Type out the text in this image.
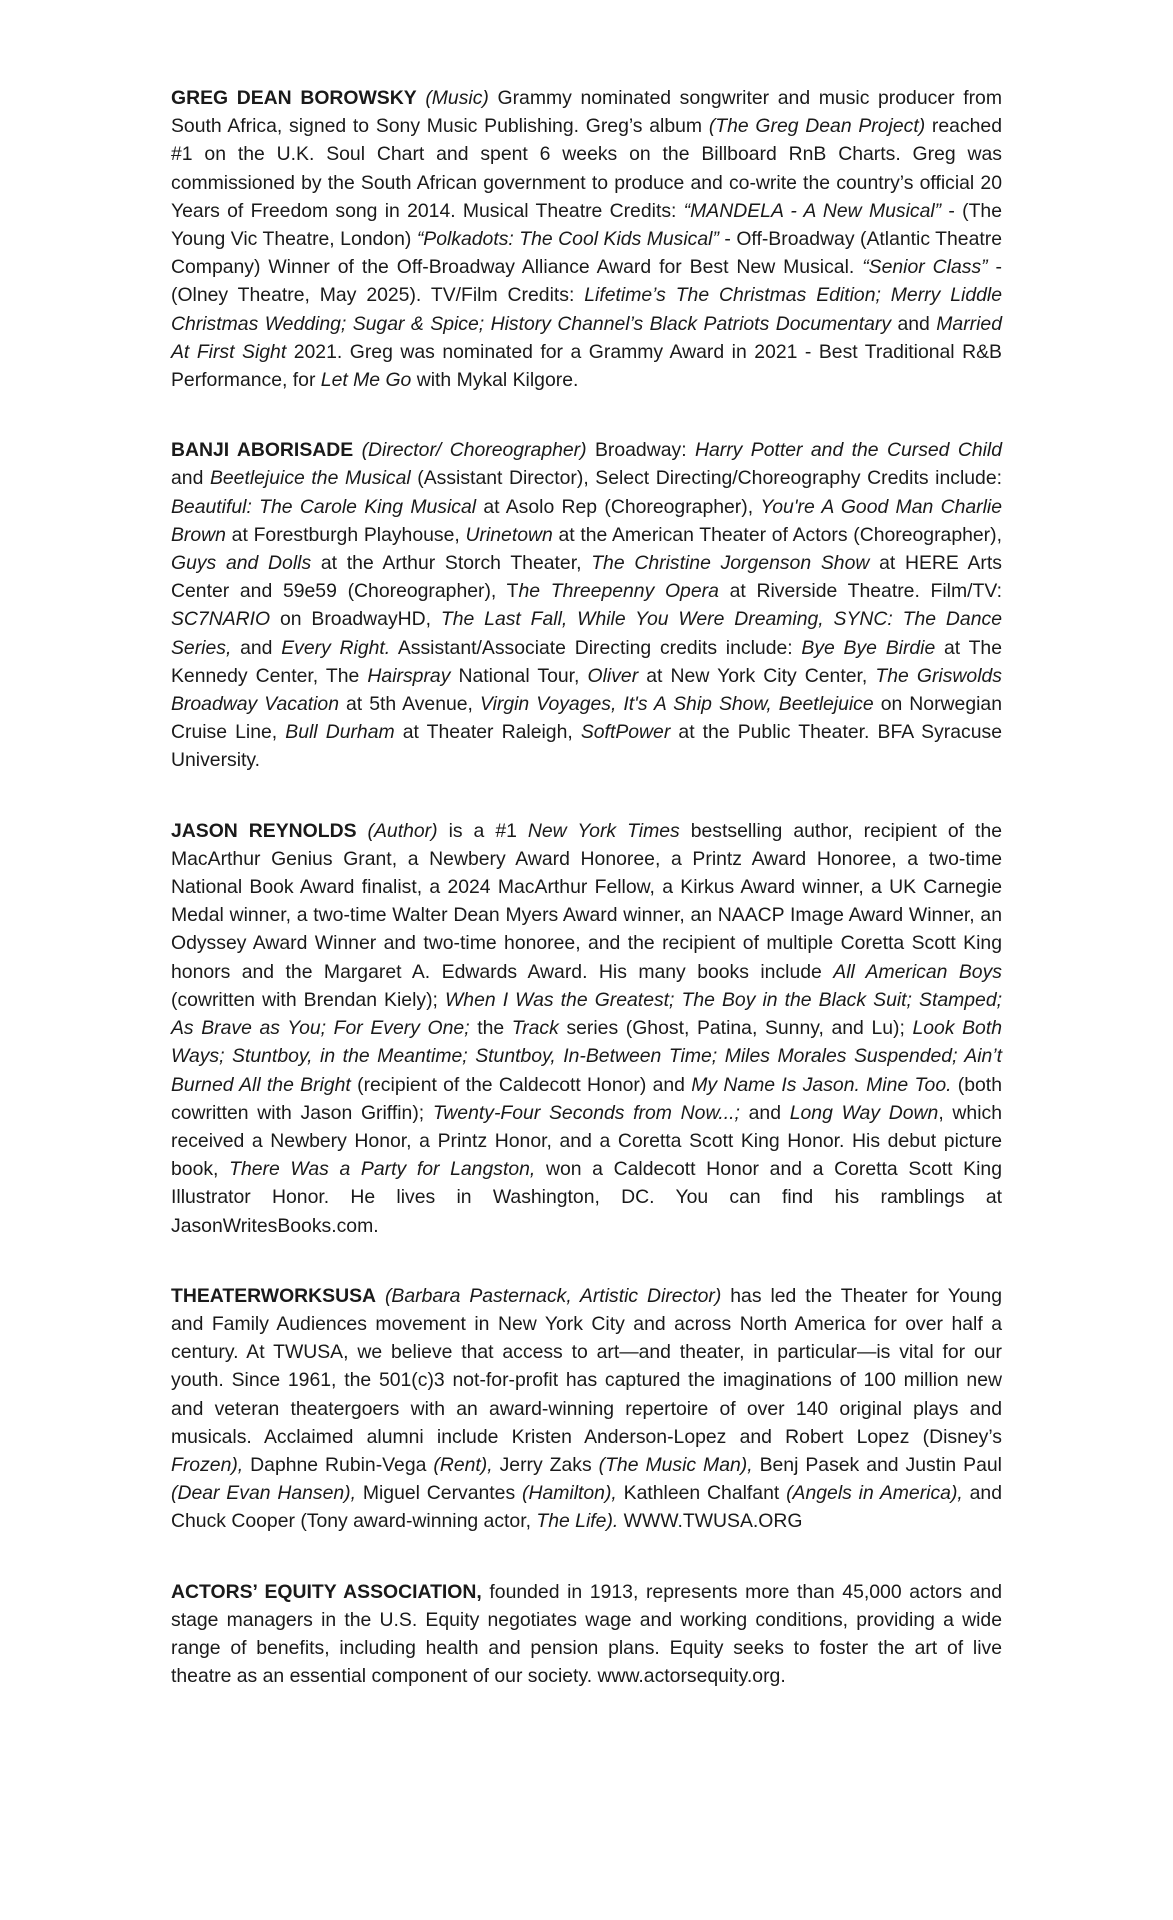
GREG DEAN BOROWSKY (Music) Grammy nominated songwriter and music producer from South Africa, signed to Sony Music Publishing. Greg’s album (The Greg Dean Project) reached #1 on the U.K. Soul Chart and spent 6 weeks on the Billboard RnB Charts. Greg was commissioned by the South African government to produce and co-write the country’s official 20 Years of Freedom song in 2014. Musical Theatre Credits: “MANDELA - A New Musical” - (The Young Vic Theatre, London) “Polkadots: The Cool Kids Musical” - Off-Broadway (Atlantic Theatre Company) Winner of the Off-Broadway Alliance Award for Best New Musical. “Senior Class” - (Olney Theatre, May 2025). TV/Film Credits: Lifetime’s The Christmas Edition; Merry Liddle Christmas Wedding; Sugar & Spice; History Channel’s Black Patriots Documentary and Married At First Sight 2021. Greg was nominated for a Grammy Award in 2021 - Best Traditional R&B Performance, for Let Me Go with Mykal Kilgore.

BANJI ABORISADE (Director/ Choreographer) Broadway: Harry Potter and the Cursed Child and Beetlejuice the Musical (Assistant Director), Select Directing/Choreography Credits include: Beautiful: The Carole King Musical at Asolo Rep (Choreographer), You're A Good Man Charlie Brown at Forestburgh Playhouse, Urinetown at the American Theater of Actors (Choreographer), Guys and Dolls at the Arthur Storch Theater, The Christine Jorgenson Show at HERE Arts Center and 59e59 (Choreographer), The Threepenny Opera at Riverside Theatre. Film/TV: SC7NARIO on BroadwayHD, The Last Fall, While You Were Dreaming, SYNC: The Dance Series, and Every Right. Assistant/Associate Directing credits include: Bye Bye Birdie at The Kennedy Center, The Hairspray National Tour, Oliver at New York City Center, The Griswolds Broadway Vacation at 5th Avenue, Virgin Voyages, It's A Ship Show, Beetlejuice on Norwegian Cruise Line, Bull Durham at Theater Raleigh, SoftPower at the Public Theater. BFA Syracuse University.

JASON REYNOLDS (Author) is a #1 New York Times bestselling author, recipient of the MacArthur Genius Grant, a Newbery Award Honoree, a Printz Award Honoree, a two-time National Book Award finalist, a 2024 MacArthur Fellow, a Kirkus Award winner, a UK Carnegie Medal winner, a two-time Walter Dean Myers Award winner, an NAACP Image Award Winner, an Odyssey Award Winner and two-time honoree, and the recipient of multiple Coretta Scott King honors and the Margaret A. Edwards Award. His many books include All American Boys (cowritten with Brendan Kiely); When I Was the Greatest; The Boy in the Black Suit; Stamped; As Brave as You; For Every One; the Track series (Ghost, Patina, Sunny, and Lu); Look Both Ways; Stuntboy, in the Meantime; Stuntboy, In-Between Time; Miles Morales Suspended; Ain’t Burned All the Bright (recipient of the Caldecott Honor) and My Name Is Jason. Mine Too. (both cowritten with Jason Griffin); Twenty-Four Seconds from Now...; and Long Way Down, which received a Newbery Honor, a Printz Honor, and a Coretta Scott King Honor. His debut picture book, There Was a Party for Langston, won a Caldecott Honor and a Coretta Scott King Illustrator Honor. He lives in Washington, DC. You can find his ramblings at JasonWritesBooks.com.

THEATERWORKSUSA (Barbara Pasternack, Artistic Director) has led the Theater for Young and Family Audiences movement in New York City and across North America for over half a century. At TWUSA, we believe that access to art—and theater, in particular—is vital for our youth. Since 1961, the 501(c)3 not-for-profit has captured the imaginations of 100 million new and veteran theatergoers with an award-winning repertoire of over 140 original plays and musicals. Acclaimed alumni include Kristen Anderson-Lopez and Robert Lopez (Disney’s Frozen), Daphne Rubin-Vega (Rent), Jerry Zaks (The Music Man), Benj Pasek and Justin Paul (Dear Evan Hansen), Miguel Cervantes (Hamilton), Kathleen Chalfant (Angels in America), and Chuck Cooper (Tony award-winning actor, The Life). WWW.TWUSA.ORG

ACTORS’ EQUITY ASSOCIATION, founded in 1913, represents more than 45,000 actors and stage managers in the U.S. Equity negotiates wage and working conditions, providing a wide range of benefits, including health and pension plans. Equity seeks to foster the art of live theatre as an essential component of our society. www.actorsequity.org.
